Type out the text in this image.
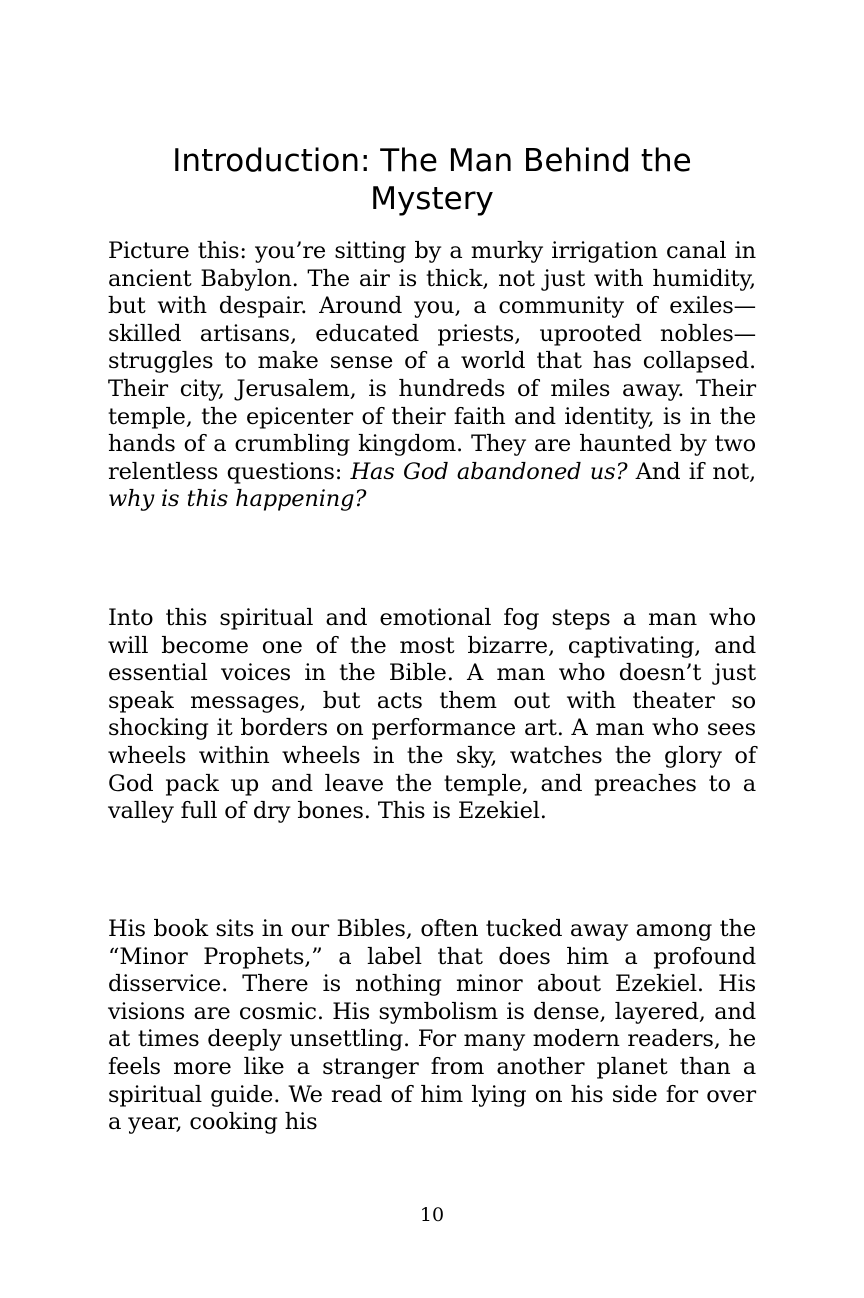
Introduction: The Man Behind the Mystery

Picture this: you’re sitting by a murky irrigation canal in ancient Babylon. The air is thick, not just with humidity, but with despair. Around you, a community of exiles—skilled artisans, educated priests, uprooted nobles—struggles to make sense of a world that has collapsed. Their city, Jerusalem, is hundreds of miles away. Their temple, the epicenter of their faith and identity, is in the hands of a crumbling kingdom. They are haunted by two relentless questions: Has God abandoned us? And if not, why is this happening?

Into this spiritual and emotional fog steps a man who will become one of the most bizarre, captivating, and essential voices in the Bible. A man who doesn’t just speak messages, but acts them out with theater so shocking it borders on performance art. A man who sees wheels within wheels in the sky, watches the glory of God pack up and leave the temple, and preaches to a valley full of dry bones. This is Ezekiel.

His book sits in our Bibles, often tucked away among the “Minor Prophets,” a label that does him a profound disservice. There is nothing minor about Ezekiel. His visions are cosmic. His symbolism is dense, layered, and at times deeply unsettling. For many modern readers, he feels more like a stranger from another planet than a spiritual guide. We read of him lying on his side for over a year, cooking his

10
